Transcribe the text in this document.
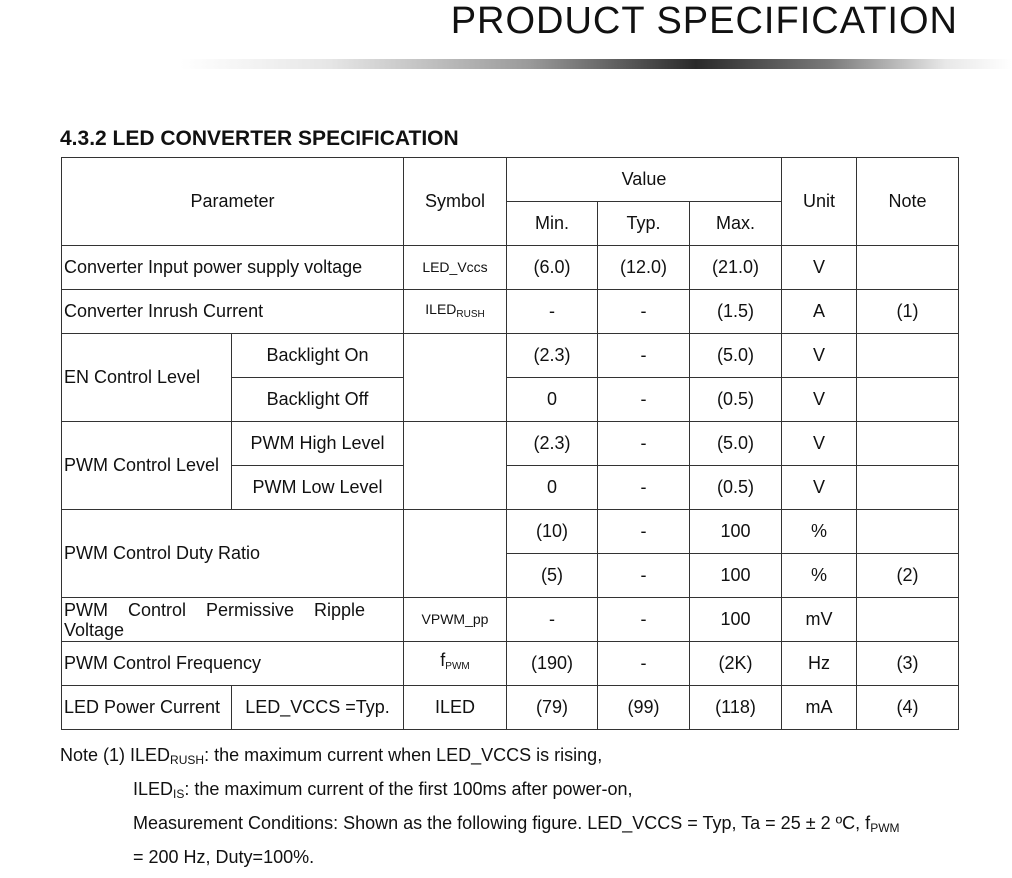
PRODUCT SPECIFICATION
4.3.2 LED CONVERTER SPECIFICATION
Parameter		Symbol	Value			Unit	Note
			Min.	Typ.	Max.		
Converter Input power supply voltage		LED_Vccs	(6.0)	(12.0)	(21.0)	V	
Converter Inrush Current		$ILED_{RUSH}$	-	-	(1.5)	A	(1)
EN Control Level	Backlight On		(2.3)	-	(5.0)	V	
	Backlight Off		0	-	(0.5)	V	
PWM Control Level	PWM High Level		(2.3)	-	(5.0)	V	
	PWM Low Level		0	-	(0.5)	V	
PWM Control Duty Ratio			(10)	-	100	%	
			(5)	-	100	%	(2)

PWM    Control    Permissive    Ripple
Voltage		VPWM_pp	-	-	100	mV	
PWM Control Frequency		$f_{PWM}$	(190)	-	(2K)	Hz	(3)
LED Power Current	LED_VCCS =Typ.	ILED	(79)	(99)	(118)	mA	(4)
Note (1) $ILED_{RUSH}$: the maximum current when LED_VCCS is rising,
$ILED_{IS}$: the maximum current of the first 100ms after power-on,
Measurement Conditions: Shown as the following figure. LED_VCCS = Typ, Ta = 25 ± 2 ºC, $f_{PWM}$
= 200 Hz, Duty=100%.
